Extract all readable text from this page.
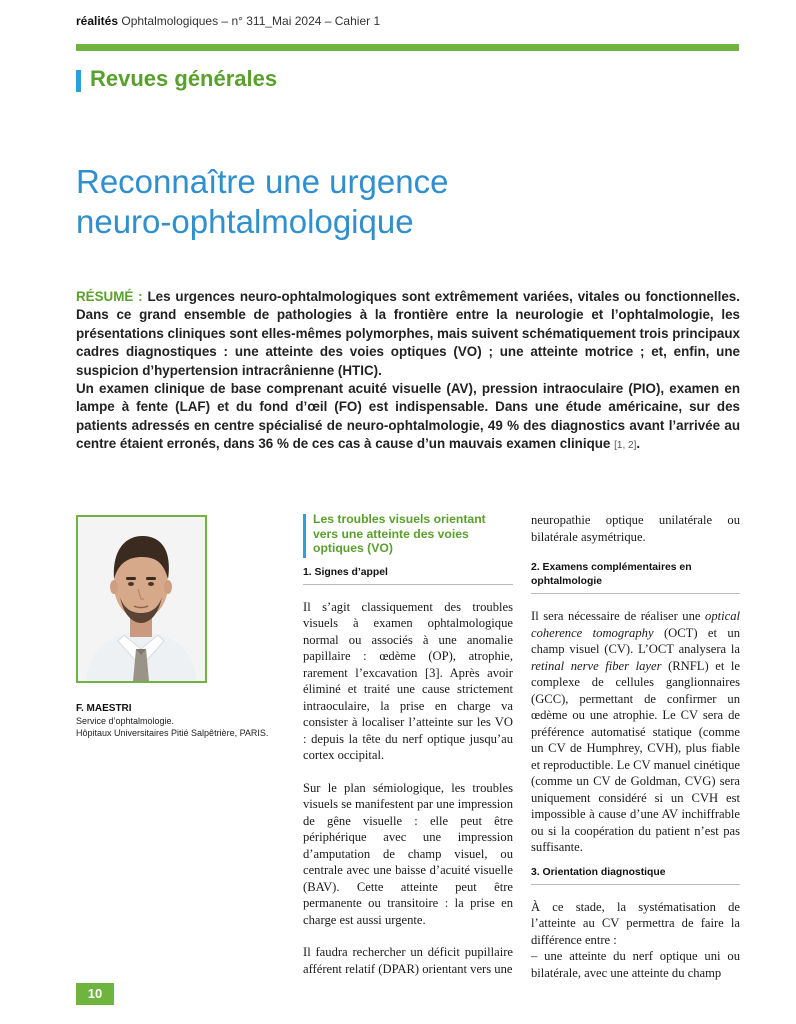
réalités Ophtalmologiques – n° 311_Mai 2024 – Cahier 1
Revues générales
Reconnaître une urgence
neuro-ophtalmologique

RÉSUMÉ : Les urgences neuro-ophtalmologiques sont extrêmement variées, vitales ou fonctionnelles. Dans ce grand ensemble de pathologies à la frontière entre la neurologie et l’ophtalmologie, les présentations cliniques sont elles-mêmes polymorphes, mais suivent schématiquement trois principaux cadres diagnostiques : une atteinte des voies optiques (VO) ; une atteinte motrice ; et, enfin, une suspicion d’hypertension intracrânienne (HTIC).

Un examen clinique de base comprenant acuité visuelle (AV), pression intraoculaire (PIO), examen en lampe à fente (LAF) et du fond d’œil (FO) est indispensable. Dans une étude américaine, sur des patients adressés en centre spécialisé de neuro-ophtalmologie, 49 % des diagnostics avant l’arrivée au centre étaient erronés, dans 36 % de ces cas à cause d’un mauvais examen clinique [1, 2].

F. MAESTRI
Service d’ophtalmologie.
Hôpitaux Universitaires Pitié Salpêtrière, PARIS.
Les troubles visuels orientant vers une atteinte des voies optiques (VO)
1. Signes d’appel

Il s’agit classiquement des troubles visuels à examen ophtalmologique normal ou associés à une anomalie papillaire : œdème (OP), atrophie, rarement l’excavation [3]. Après avoir éliminé et traité une cause strictement intraoculaire, la prise en charge va consister à localiser l’atteinte sur les VO : depuis la tête du nerf optique jusqu’au cortex occipital.

Sur le plan sémiologique, les troubles visuels se manifestent par une impression de gêne visuelle : elle peut être périphérique avec une impression d’amputation de champ visuel, ou centrale avec une baisse d’acuité visuelle (BAV). Cette atteinte peut être permanente ou transitoire : la prise en charge est aussi urgente.

Il faudra rechercher un déficit pupillaire afférent relatif (DPAR) orientant vers une

neuropathie optique unilatérale ou bilatérale asymétrique.

2. Examens complémentaires en ophtalmologie

Il sera nécessaire de réaliser une optical coherence tomography (OCT) et un champ visuel (CV). L’OCT analysera la retinal nerve fiber layer (RNFL) et le complexe de cellules ganglionnaires (GCC), permettant de confirmer un œdème ou une atrophie. Le CV sera de préférence automatisé statique (comme un CV de Humphrey, CVH), plus fiable et reproductible. Le CV manuel cinétique (comme un CV de Goldman, CVG) sera uniquement considéré si un CVH est impossible à cause d’une AV inchiffrable ou si la coopération du patient n’est pas suffisante.

3. Orientation diagnostique

À ce stade, la systématisation de l’atteinte au CV permettra de faire la différence entre :

– une atteinte du nerf optique uni ou bilatérale, avec une atteinte du champ

10
